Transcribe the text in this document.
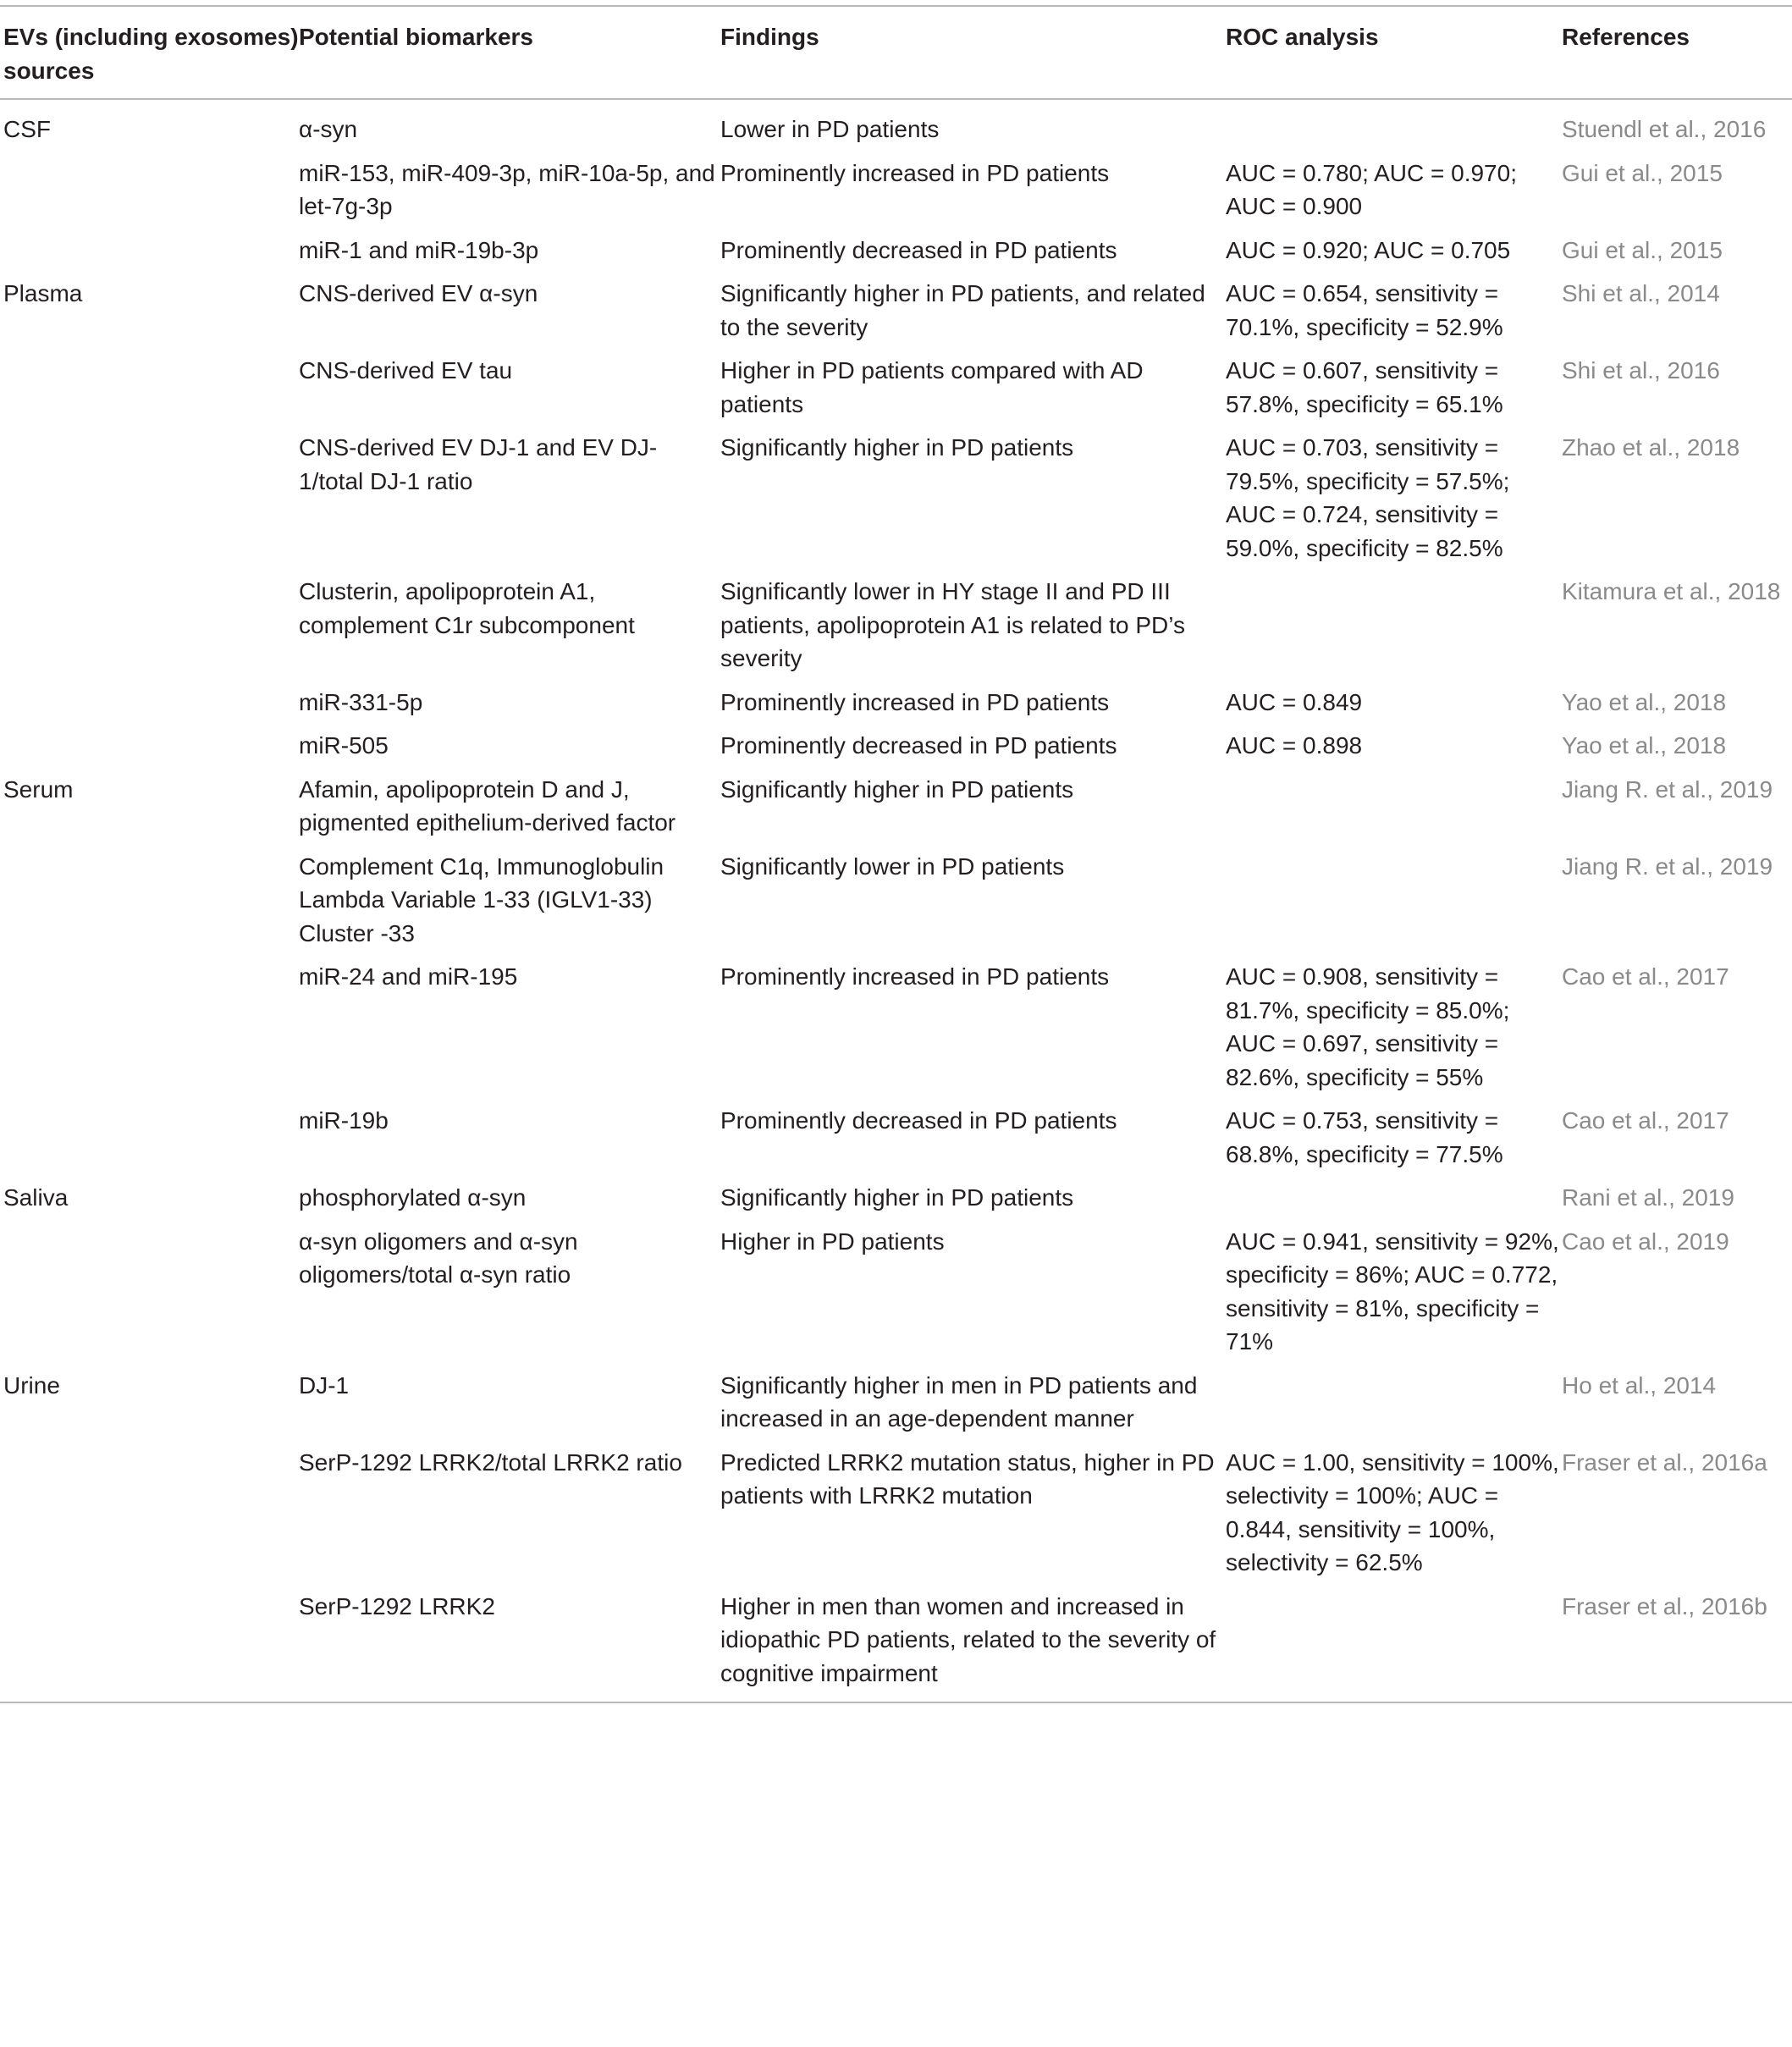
EVs (including exosomes) sources	Potential biomarkers	Findings	ROC analysis	References
CSF	α-syn	Lower in PD patients		Stuendl et al., 2016
	miR-153, miR-409-3p, miR-10a-5p, and let-7g-3p	Prominently increased in PD patients	AUC = 0.780; AUC = 0.970; AUC = 0.900	Gui et al., 2015
	miR-1 and miR-19b-3p	Prominently decreased in PD patients	AUC = 0.920; AUC = 0.705	Gui et al., 2015
Plasma	CNS-derived EV α-syn	Significantly higher in PD patients, and related to the severity	AUC = 0.654, sensitivity = 70.1%, specificity = 52.9%	Shi et al., 2014
	CNS-derived EV tau	Higher in PD patients compared with AD patients	AUC = 0.607, sensitivity = 57.8%, specificity = 65.1%	Shi et al., 2016
	CNS-derived EV DJ-1 and EV DJ-1/total DJ-1 ratio	Significantly higher in PD patients	AUC = 0.703, sensitivity = 79.5%, specificity = 57.5%; AUC = 0.724, sensitivity = 59.0%, specificity = 82.5%	Zhao et al., 2018
	Clusterin, apolipoprotein A1, complement C1r subcomponent	Significantly lower in HY stage II and PD III patients, apolipoprotein A1 is related to PD’s severity		Kitamura et al., 2018
	miR-331-5p	Prominently increased in PD patients	AUC = 0.849	Yao et al., 2018
	miR-505	Prominently decreased in PD patients	AUC = 0.898	Yao et al., 2018
Serum	Afamin, apolipoprotein D and J, pigmented epithelium-derived factor	Significantly higher in PD patients		Jiang R. et al., 2019
	Complement C1q, Immunoglobulin Lambda Variable 1-33 (IGLV1-33) Cluster -33	Significantly lower in PD patients		Jiang R. et al., 2019
	miR-24 and miR-195	Prominently increased in PD patients	AUC = 0.908, sensitivity = 81.7%, specificity = 85.0%; AUC = 0.697, sensitivity = 82.6%, specificity = 55%	Cao et al., 2017
	miR-19b	Prominently decreased in PD patients	AUC = 0.753, sensitivity = 68.8%, specificity = 77.5%	Cao et al., 2017
Saliva	phosphorylated α-syn	Significantly higher in PD patients		Rani et al., 2019
	α-syn oligomers and α-syn oligomers/total α-syn ratio	Higher in PD patients	AUC = 0.941, sensitivity = 92%, specificity = 86%; AUC = 0.772, sensitivity = 81%, specificity = 71%	Cao et al., 2019
Urine	DJ-1	Significantly higher in men in PD patients and increased in an age-dependent manner		Ho et al., 2014
	SerP-1292 LRRK2/total LRRK2 ratio	Predicted LRRK2 mutation status, higher in PD patients with LRRK2 mutation	AUC = 1.00, sensitivity = 100%, selectivity = 100%; AUC = 0.844, sensitivity = 100%, selectivity = 62.5%	Fraser et al., 2016a
	SerP-1292 LRRK2	Higher in men than women and increased in idiopathic PD patients, related to the severity of cognitive impairment		Fraser et al., 2016b
